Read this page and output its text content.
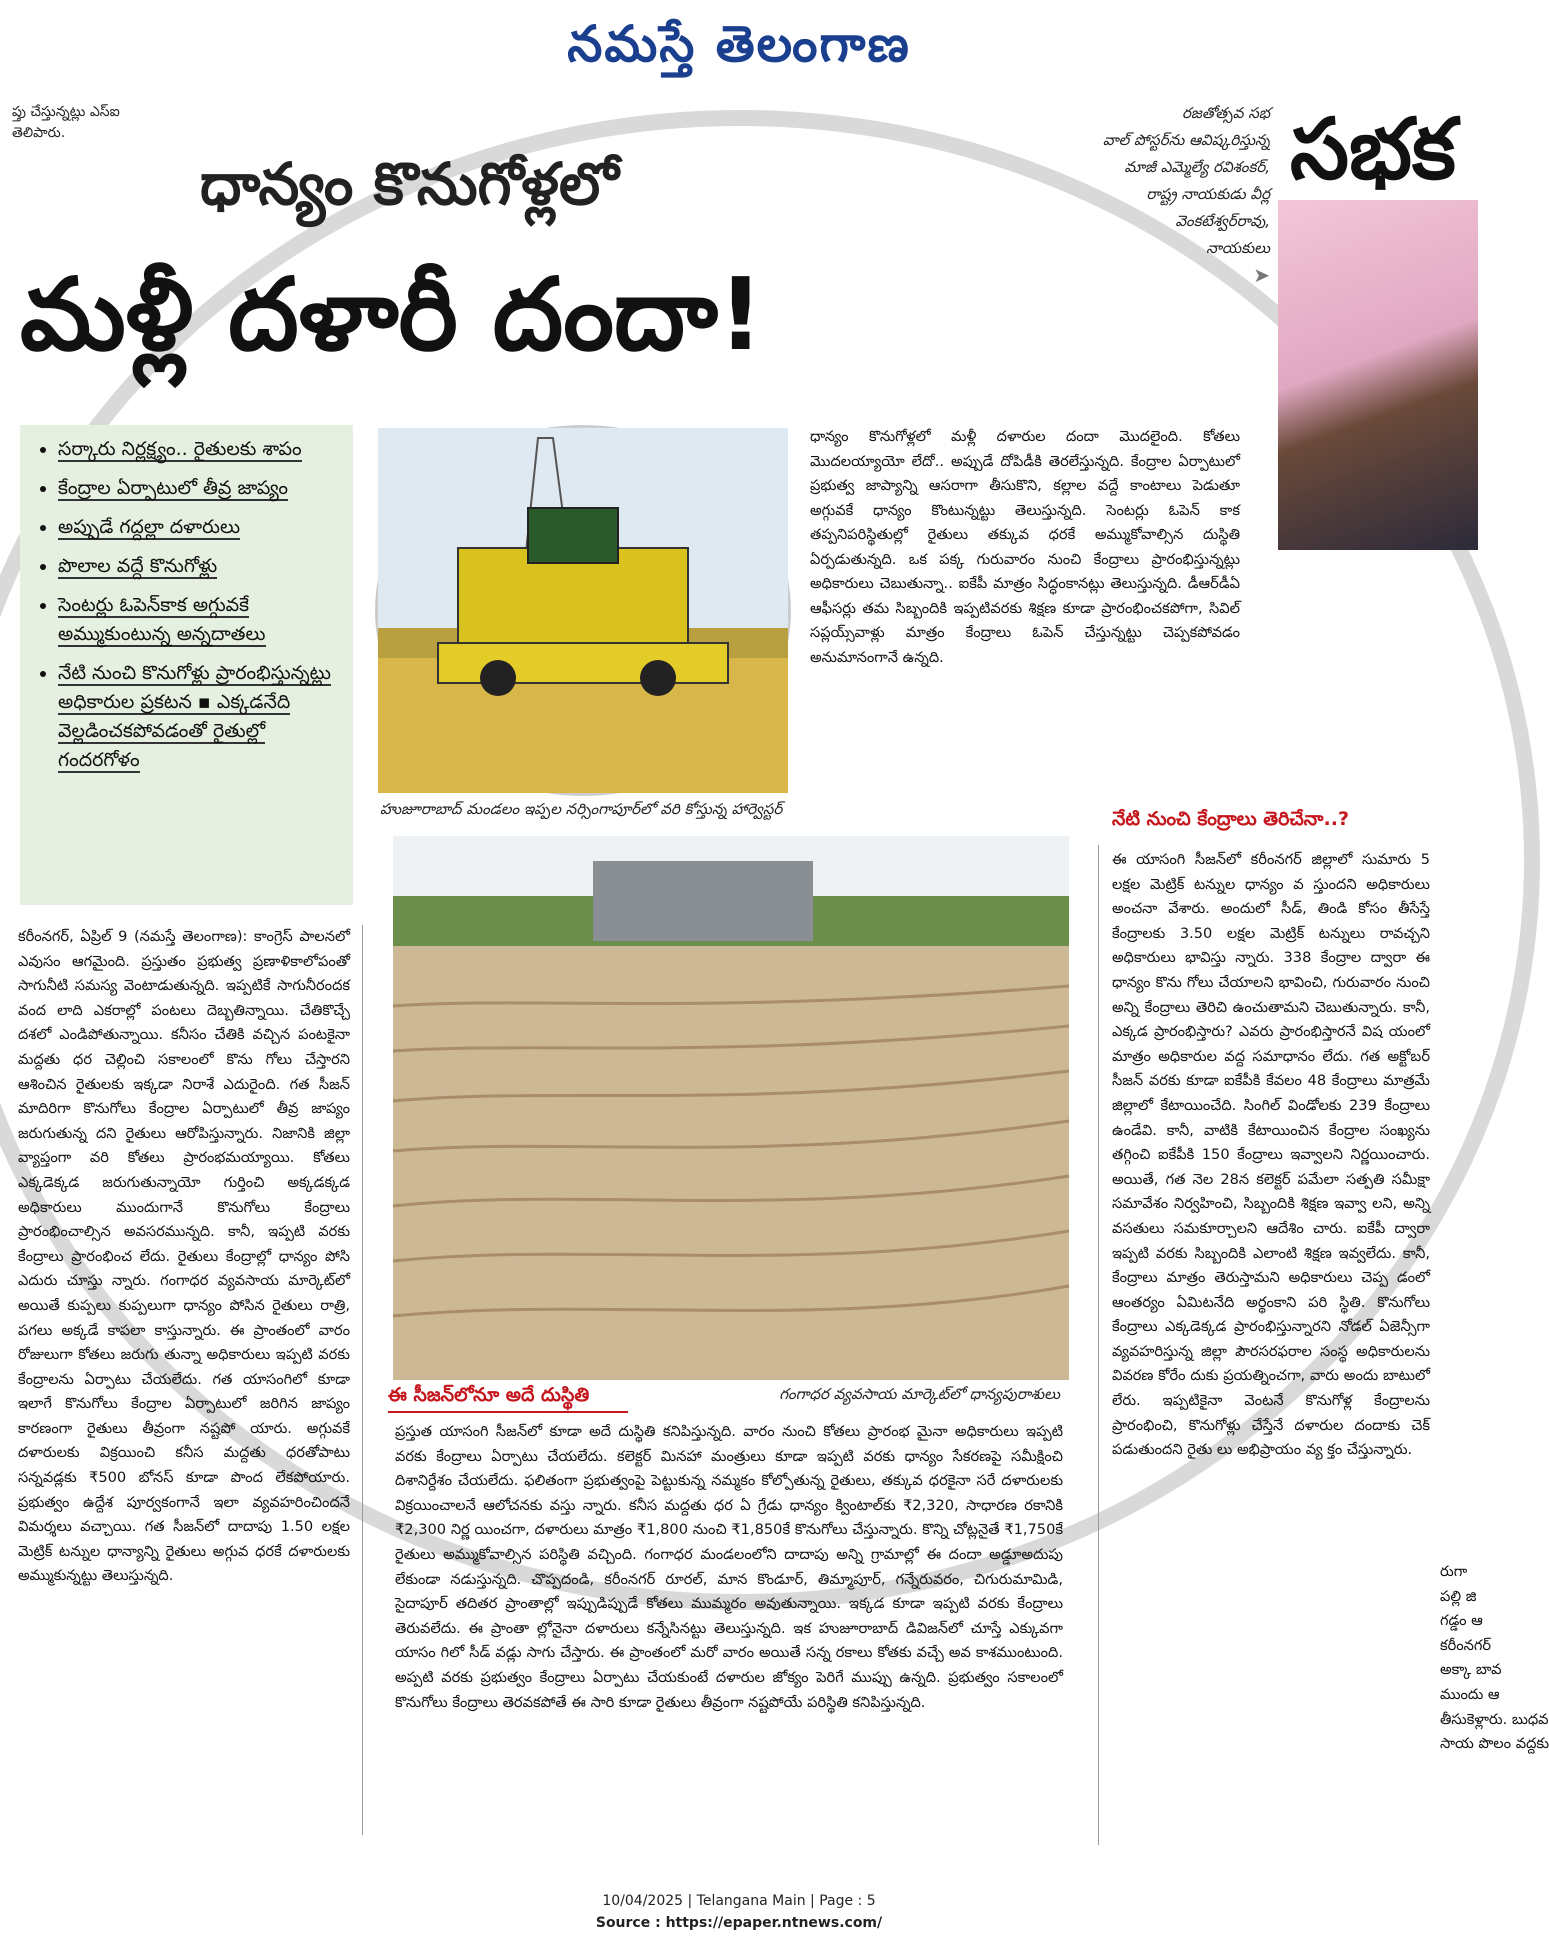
నమస్తే తెలంగాణ
ప్తు చేస్తున్నట్లు ఎస్‌ఐ
తెలిపారు.
రజతోత్సవ సభ
వాల్‌ పోస్టర్‌ను ఆవిష్కరిస్తున్న
మాజీ ఎమ్మెల్యే రవిశంకర్‌,
రాష్ట్ర నాయకుడు వీర్ల
వెంకటేశ్వర్‌రావు,
నాయకులు
➤
సభక
ధాన్యం కొనుగోళ్లలో
మళ్లీ దళారీ దందా!
• సర్కారు నిర్లక్ష్యం.. రైతులకు శాపం
• కేంద్రాల ఏర్పాటులో తీవ్ర జాప్యం
• అప్పుడే గద్దల్లా దళారులు
• పొలాల వద్దే కొనుగోళ్లు
• సెంటర్లు ఓపెన్‌కాక అగ్గువకే అమ్ముకుంటున్న అన్నదాతలు
• నేటి నుంచి కొనుగోళ్లు ప్రారంభిస్తున్నట్లు అధికారుల ప్రకటన ▪ ఎక్కడనేది వెల్లడించకపోవడంతో రైతుల్లో గందరగోళం
ధాన్యం కొనుగోళ్లలో మళ్లీ దళారుల దందా మొదలైంది. కోతలు మొదలయ్యాయో లేదో.. అప్పుడే దోపిడీకి తెరలేస్తున్నది. కేంద్రాల ఏర్పాటులో ప్రభుత్వ జాప్యాన్ని ఆసరాగా తీసుకొని, కల్లాల వద్దే కాంటాలు పెడుతూ అగ్గువకే ధాన్యం కొంటున్నట్టు తెలుస్తున్నది. సెంటర్లు ఓపెన్‌ కాక తప్పనిపరిస్థితుల్లో రైతులు తక్కువ ధరకే అమ్ముకోవాల్సిన దుస్థితి ఏర్పడుతున్నది. ఒక పక్క గురువారం నుంచి కేంద్రాలు ప్రారంభిస్తున్నట్లు అధికారులు చెబుతున్నా.. ఐకేపీ మాత్రం సిద్ధంకానట్లు తెలుస్తున్నది. డీఆర్‌డీఏ ఆఫీసర్లు తమ సిబ్బందికి ఇప్పటివరకు శిక్షణ కూడా ప్రారంభించకపోగా, సివిల్‌ సప్లయ్స్‌వాళ్లు మాత్రం కేంద్రాలు ఓపెన్‌ చేస్తున్నట్టు చెప్పకపోవడం అనుమానంగానే ఉన్నది.
హుజూరాబాద్‌ మండలం ఇప్పల నర్సింగాపూర్‌లో వరి కోస్తున్న హార్వెస్టర్‌
గంగాధర వ్యవసాయ మార్కెట్‌లో ధాన్యపురాశులు
నేటి నుంచి కేంద్రాలు తెరిచేనా..?
కరీంనగర్‌, ఏప్రిల్‌ 9 (నమస్తే తెలంగాణ): కాంగ్రెస్‌ పాలనలో ఎవుసం ఆగమైంది. ప్రస్తుతం ప్రభుత్వ ప్రణాళికాలోపంతో సాగునీటి సమస్య వెంటాడుతున్నది. ఇప్పటికే సాగునీరందక వంద లాది ఎకరాల్లో పంటలు దెబ్బతిన్నాయి. చేతికొచ్చే దశలో ఎండిపోతున్నాయి. కనీసం చేతికి వచ్చిన పంటకైనా మద్దతు ధర చెల్లించి సకాలంలో కొను గోలు చేస్తారని ఆశించిన రైతులకు ఇక్కడా నిరాశే ఎదురైంది. గత సీజన్‌ మాదిరిగా కొనుగోలు కేంద్రాల ఏర్పాటులో తీవ్ర జాప్యం జరుగుతున్న దని రైతులు ఆరోపిస్తున్నారు. నిజానికి జిల్లా వ్యాప్తంగా వరి కోతలు ప్రారంభమయ్యాయి. కోతలు ఎక్కడెక్కడ జరుగుతున్నాయో గుర్తించి అక్కడక్కడ అధికారులు ముందుగానే కొనుగోలు కేంద్రాలు ప్రారంభించాల్సిన అవసరమున్నది. కానీ, ఇప్పటి వరకు కేంద్రాలు ప్రారంభించ లేదు. రైతులు కేంద్రాల్లో ధాన్యం పోసి ఎదురు చూస్తు న్నారు. గంగాధర వ్యవసాయ మార్కెట్‌లో అయితే కుప్పలు కుప్పలుగా ధాన్యం పోసిన రైతులు రాత్రి, పగలు అక్కడే కాపలా కాస్తున్నారు. ఈ ప్రాంతంలో వారం రోజులుగా కోతలు జరుగు తున్నా అధికారులు ఇప్పటి వరకు కేంద్రాలను ఏర్పాటు చేయలేదు. గత యాసంగిలో కూడా ఇలాగే కొనుగోలు కేంద్రాల ఏర్పాటులో జరిగిన జాప్యం కారణంగా రైతులు తీవ్రంగా నష్టపో యారు. అగ్గువకే దళారులకు విక్రయించి కనీస మద్దతు ధరతోపాటు సన్నవడ్లకు ₹500 బోనస్‌ కూడా పొంద లేకపోయారు. ప్రభుత్వం ఉద్దేశ పూర్వకంగానే ఇలా వ్యవహరించిందనే విమర్శలు వచ్చాయి. గత సీజన్‌లో దాదాపు 1.50 లక్షల మెట్రిక్‌ టన్నుల ధాన్యాన్ని రైతులు అగ్గువ ధరకే దళారులకు అమ్ముకున్నట్టు తెలుస్తున్నది.
ఈ సీజన్‌లోనూ అదే దుస్థితి
ప్రస్తుత యాసంగి సీజన్‌లో కూడా అదే దుస్థితి కనిపిస్తున్నది. వారం నుంచి కోతలు ప్రారంభ మైనా అధికారులు ఇప్పటి వరకు కేంద్రాలు ఏర్పాటు చేయలేదు. కలెక్టర్‌ మినహా మంత్రులు కూడా ఇప్పటి వరకు ధాన్యం సేకరణపై సమీక్షించి దిశానిర్దేశం చేయలేదు. ఫలితంగా ప్రభుత్వంపై పెట్టుకున్న నమ్మకం కోల్పోతున్న రైతులు, తక్కువ ధరకైనా సరే దళారులకు విక్రయించాలనే ఆలోచనకు వస్తు న్నారు. కనీస మద్దతు ధర ఏ గ్రేడు ధాన్యం క్వింటాల్‌కు ₹2,320, సాధారణ రకానికి ₹2,300 నిర్ణ యించగా, దళారులు మాత్రం ₹1,800 నుంచి ₹1,850కే కొనుగోలు చేస్తున్నారు. కొన్ని చోట్లనైతే ₹1,750కే రైతులు అమ్ముకోవాల్సిన పరిస్థితి వచ్చింది. గంగాధర మండలంలోని దాదాపు అన్ని గ్రామాల్లో ఈ దందా అడ్డూఅదుపు లేకుండా నడుస్తున్నది. చొప్పదండి, కరీంనగర్‌ రూరల్‌, మాన కొండూర్‌, తిమ్మాపూర్‌, గన్నేరువరం, చిగురుమామిడి, సైదాపూర్‌ తదితర ప్రాంతాల్లో ఇప్పుడిప్పుడే కోతలు ముమ్మరం అవుతున్నాయి. ఇక్కడ కూడా ఇప్పటి వరకు కేంద్రాలు తెరువలేదు. ఈ ప్రాంతా ల్లోనైనా దళారులు కన్నేసినట్టు తెలుస్తున్నది. ఇక హుజూరాబాద్‌ డివిజన్‌లో చూస్తే ఎక్కువగా యాసం గిలో సీడ్‌ వడ్లు సాగు చేస్తారు. ఈ ప్రాంతంలో మరో వారం అయితే సన్న రకాలు కోతకు వచ్చే అవ కాశముంటుంది. అప్పటి వరకు ప్రభుత్వం కేంద్రాలు ఏర్పాటు చేయకుంటే దళారుల జోక్యం పెరిగే ముప్పు ఉన్నది. ప్రభుత్వం సకాలంలో కొనుగోలు కేంద్రాలు తెరవకపోతే ఈ సారి కూడా రైతులు తీవ్రంగా నష్టపోయే పరిస్థితి కనిపిస్తున్నది.
ఈ యాసంగి సీజన్‌లో కరీంనగర్‌ జిల్లాలో సుమారు 5 లక్షల మెట్రిక్‌ టన్నుల ధాన్యం వ స్తుందని అధికారులు అంచనా వేశారు. అందులో సీడ్‌, తిండి కోసం తీసేస్తే కేంద్రాలకు 3.50 లక్షల మెట్రిక్‌ టన్నులు రావచ్చని అధికారులు భావిస్తు న్నారు. 338 కేంద్రాల ద్వారా ఈ ధాన్యం కొను గోలు చేయాలని భావించి, గురువారం నుంచి అన్ని కేంద్రాలు తెరిచి ఉంచుతామని చెబుతున్నారు. కానీ, ఎక్కడ ప్రారంభిస్తారు? ఎవరు ప్రారంభిస్తారనే విష యంలో మాత్రం అధికారుల వద్ద సమాధానం లేదు. గత అక్టోబర్‌ సీజన్‌ వరకు కూడా ఐకేపీకి కేవలం 48 కేంద్రాలు మాత్రమే జిల్లాలో కేటాయించేది. సింగిల్‌ విండోలకు 239 కేంద్రాలు ఉండేవి. కానీ, వాటికి కేటాయించిన కేంద్రాల సంఖ్యను తగ్గించి ఐకేపీకి 150 కేంద్రాలు ఇవ్వాలని నిర్ణయించారు. అయితే, గత నెల 28న కలెక్టర్‌ పమేలా సత్పతి సమీక్షా సమావేశం నిర్వహించి, సిబ్బందికి శిక్షణ ఇవ్వా లని, అన్ని వసతులు సమకూర్చాలని ఆదేశిం చారు. ఐకేపీ ద్వారా ఇప్పటి వరకు సిబ్బందికి ఎలాంటి శిక్షణ ఇవ్వలేదు. కానీ, కేంద్రాలు మాత్రం తెరుస్తామని అధికారులు చెప్ప డంలో ఆంతర్యం ఏమిటనేది అర్థంకాని పరి స్థితి. కొనుగోలు కేంద్రాలు ఎక్కడెక్కడ ప్రారంభిస్తున్నారని నోడల్‌ ఏజెన్సీగా వ్యవహరిస్తున్న జిల్లా పౌరసరఫరాల సంస్థ అధికారులను వివరణ కోరేం దుకు ప్రయత్నించగా, వారు అందు బాటులో లేరు. ఇప్పటికైనా వెంటనే కొనుగోళ్ల కేంద్రాలను ప్రారంభించి, కొనుగోళ్లు చేస్తేనే దళారుల దందాకు చెక్‌ పడుతుందని రైతు లు అభిప్రాయం వ్య క్తం చేస్తున్నారు.
రుగా
పల్లి జి
గడ్డం ఆ
కరీంనగర్‌
అక్కా బావ
ముందు ఆ
తీసుకెళ్లారు. బుధవ
సాయ పొలం వద్దకు
10/04/2025 | Telangana Main | Page : 5
Source : https://epaper.ntnews.com/
